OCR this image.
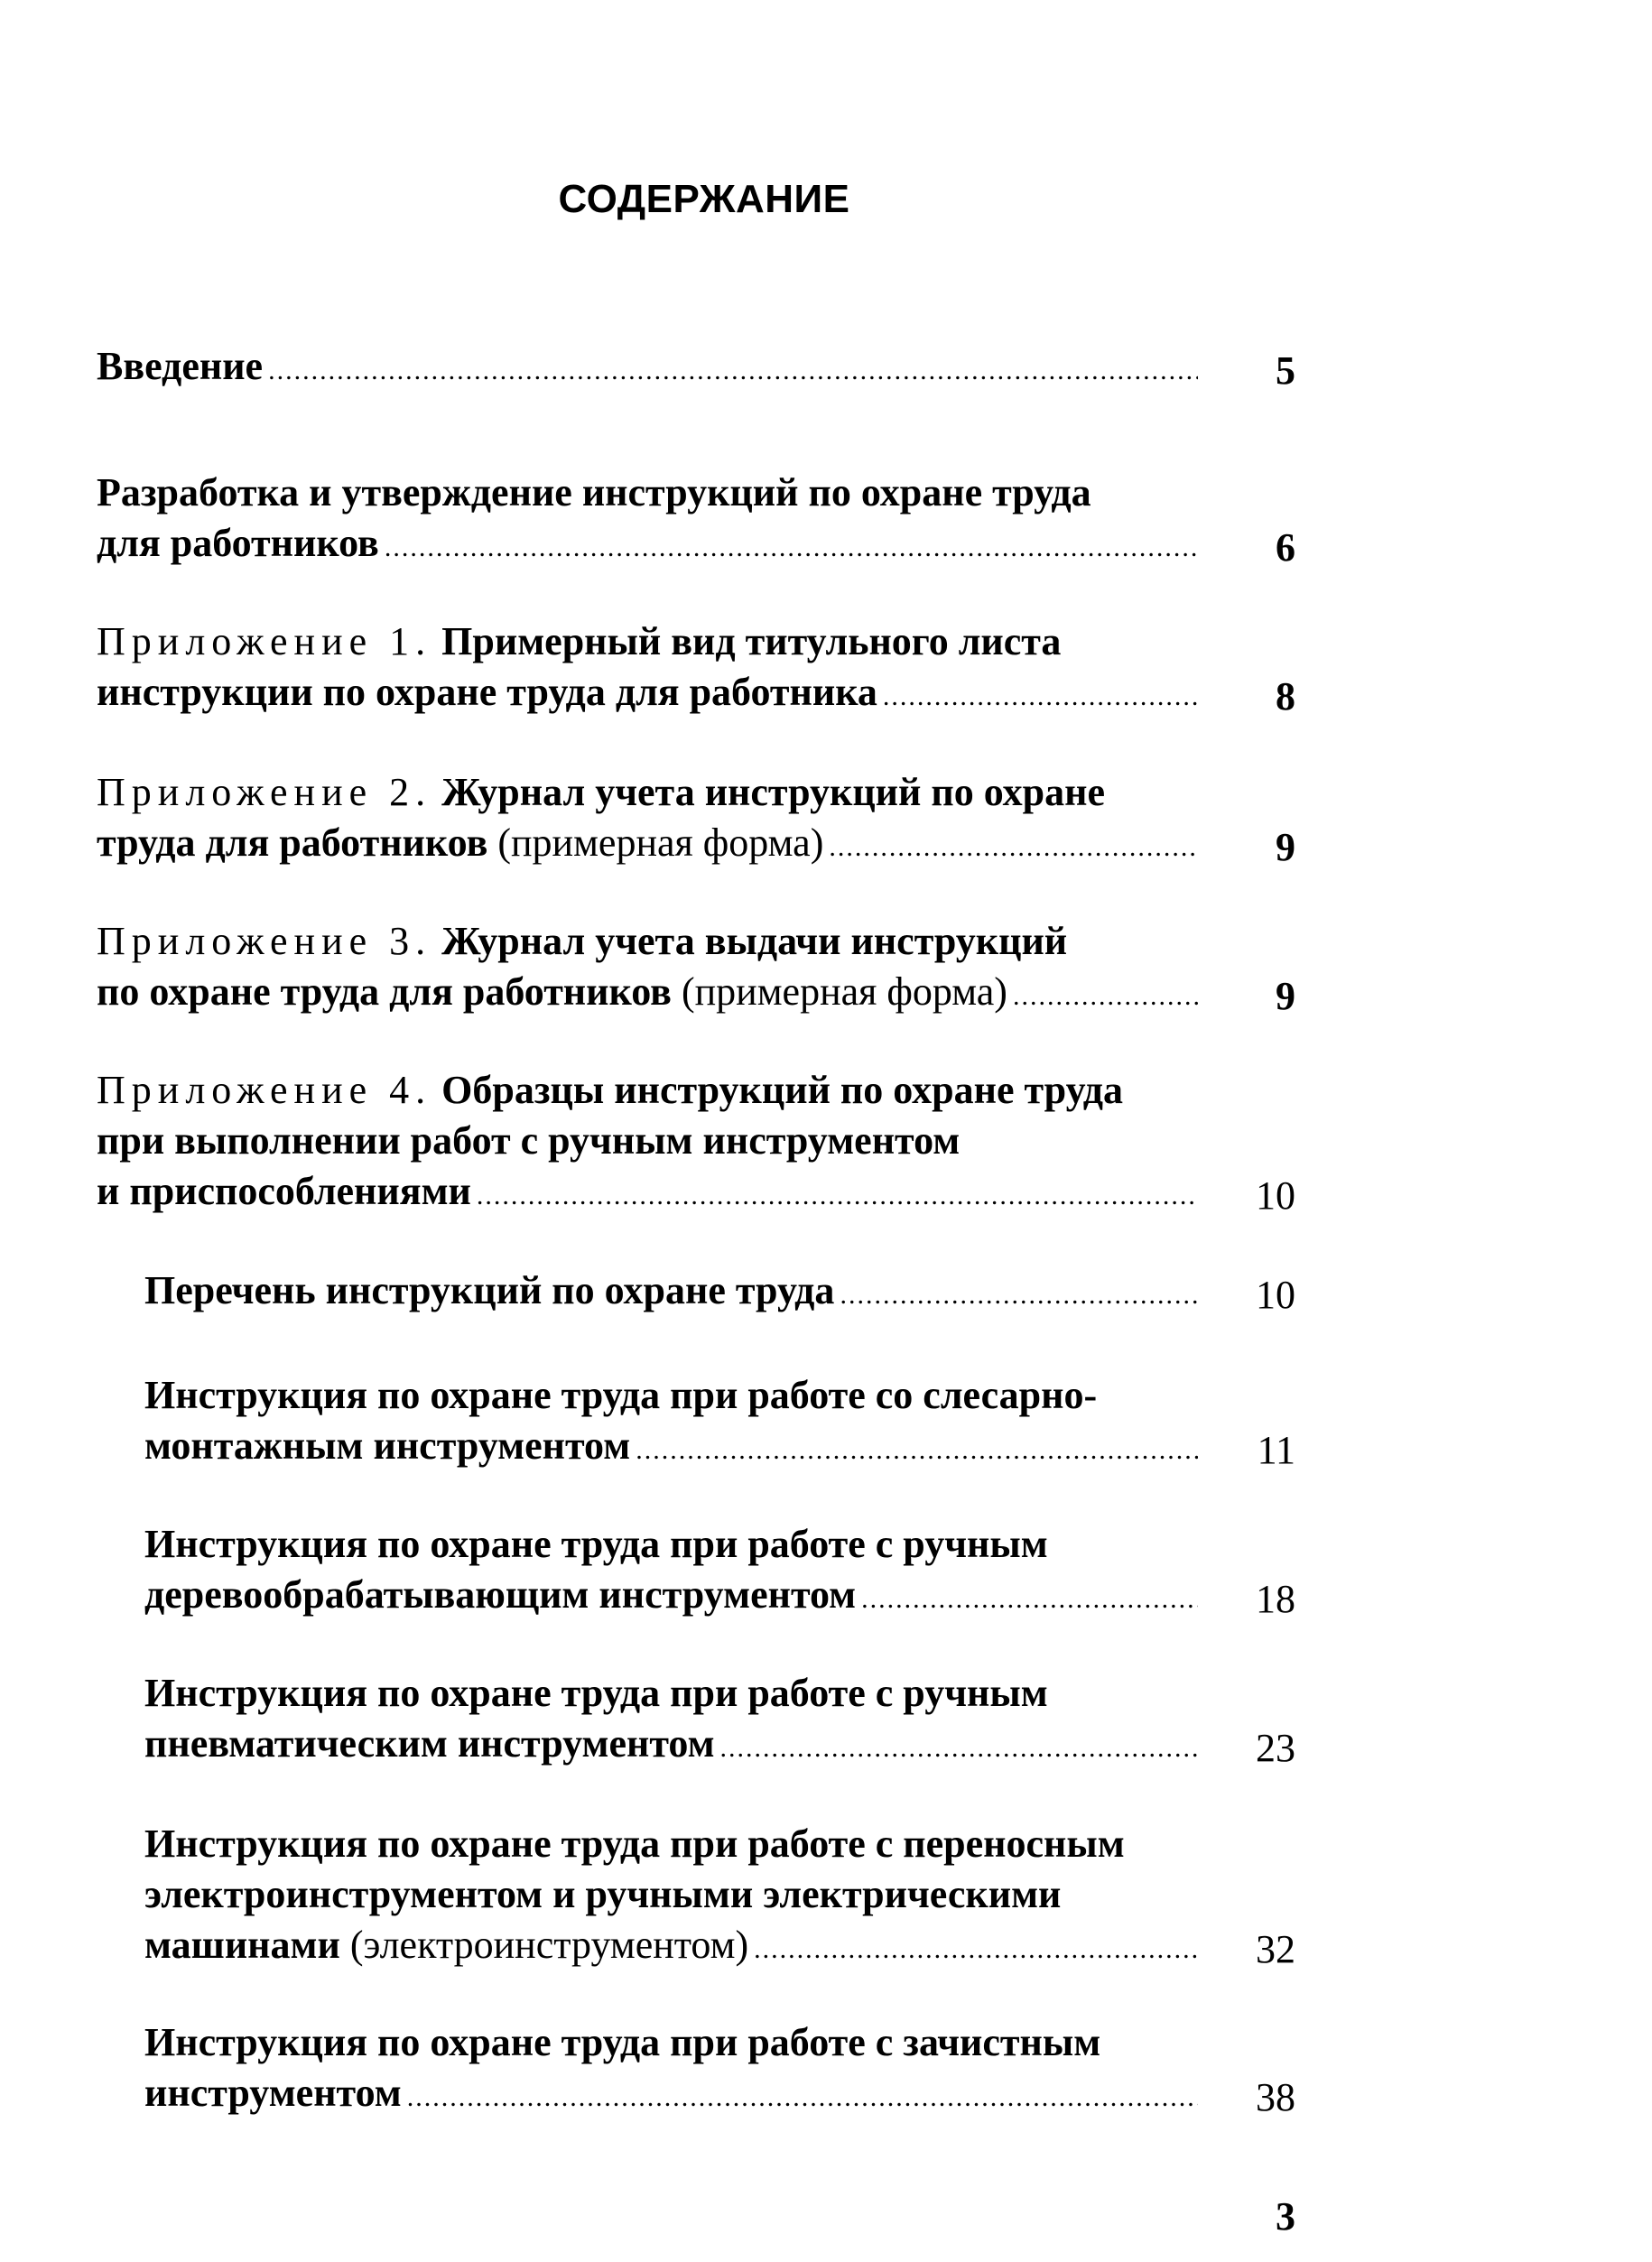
СОДЕРЖАНИЕ
Введение .....	5
Разработка и утверждение инструкций по охране труда
для работников .....	6
Приложение 1. Примерный вид титульного листа
инструкции по охране труда для работника .....	8
Приложение 2. Журнал учета инструкций по охране
труда для работников (примерная форма) .....	9
Приложение 3. Журнал учета выдачи инструкций
по охране труда для работников (примерная форма) .....	9
Приложение 4. Образцы инструкций по охране труда
при выполнении работ с ручным инструментом
и приспособлениями .....	10
Перечень инструкций по охране труда .....	10
Инструкция по охране труда при работе со слесарно-
монтажным инструментом .....	11
Инструкция по охране труда при работе с ручным
деревообрабатывающим инструментом .....	18
Инструкция по охране труда при работе с ручным
пневматическим инструментом .....	23
Инструкция по охране труда при работе с переносным
электроинструментом и ручными электрическими
машинами (электроинструментом) .....	32
Инструкция по охране труда при работе с зачистным
инструментом .....	38
3
